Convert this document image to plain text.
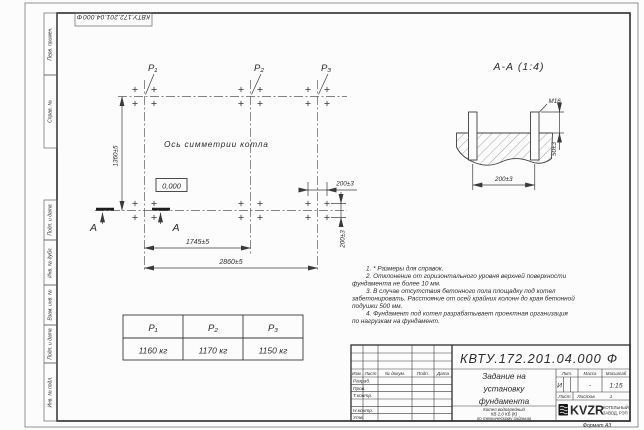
Перв. примен.
Справ. №
Подп. и дата
Инв. № дубл.
Взам. инв. №
Подп. и дата
Инв. № подл.
КВТУ.172.201.04.000
Ф
P₁	P₂	P₃
Ось симметрии котла
0,000
А	А
1360±5
1745±5
2860±5
200±3
200±3
А-А (1:4)
М16
50±3
200±3
1. * Размеры для справок.
2. Отклонение от горизонтального уровня верхней поверхности
фундамента не более 10 мм.
3. В случае отсутствия бетонного пола площадку под котел
забетонировать. Расстояние от осей крайних колонн до края бетонной
подушки 500 мм.
4. Фундамент под котел разрабатывает проектная организация
по нагрузкам на фундамент.
P₁	P₂	P₃
1160 кг	1170 кг	1150 кг
Изм. Лист № докум.	Подп. Дата
Разраб.
Пров.
Т.контр.
Н.контр.
Утв.
КВТУ.172.201.04.000 Ф
Задание на
установку
фундамента
Котел водогрейный
КВ-2,0 КБ (К)
по техническому заданию
Лит.	Масса Масштаб
И	-	1:15
Лист Листов	1
KVZR
КОТЕЛЬНЫЙ
ЗАВОД, РЭП
Формат А3
